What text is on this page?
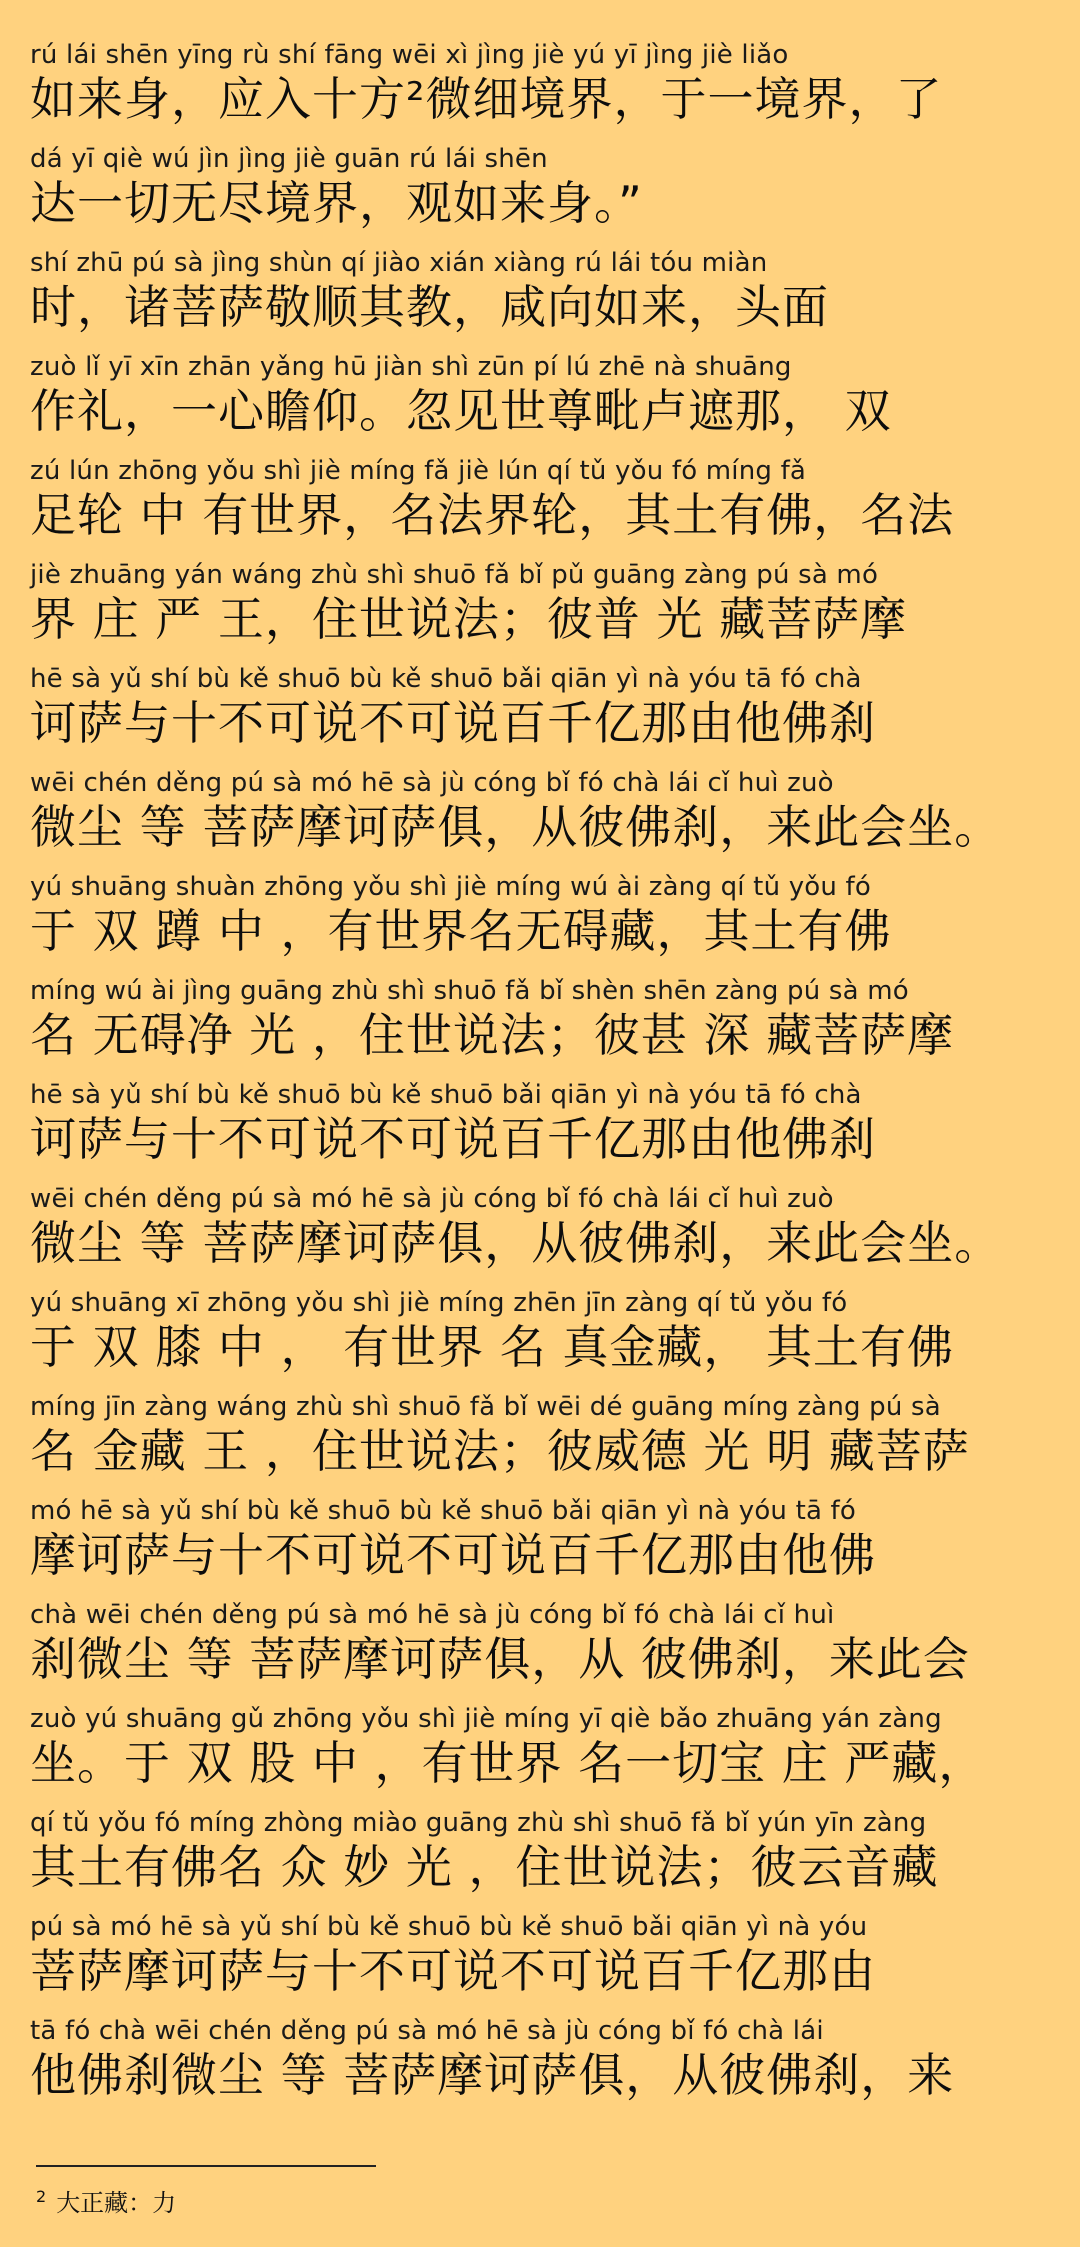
rú lái shēn yīng rù shí fāng wēi xì jìng jiè yú yī jìng jiè liǎo
如来身，应入十方²微细境界，于一境界，了
dá yī qiè wú jìn jìng jiè guān rú lái shēn
达一切无尽境界，观如来身。”
shí zhū pú sà jìng shùn qí jiào xián xiàng rú lái tóu miàn
时，诸菩萨敬顺其教，咸向如来，头面
zuò lǐ yī xīn zhān yǎng hū jiàn shì zūn pí lú zhē nà shuāng
作礼，一心瞻仰。忽见世尊毗卢遮那， 双
zú lún zhōng yǒu shì jiè míng fǎ jiè lún qí tǔ yǒu fó míng fǎ
足轮 中 有世界，名法界轮，其土有佛，名法
jiè zhuāng yán wáng zhù shì shuō fǎ bǐ pǔ guāng zàng pú sà mó
界 庄 严 王，住世说法；彼普 光 藏菩萨摩
hē sà yǔ shí bù kě shuō bù kě shuō bǎi qiān yì nà yóu tā fó chà
诃萨与十不可说不可说百千亿那由他佛刹
wēi chén děng pú sà mó hē sà jù cóng bǐ fó chà lái cǐ huì zuò
微尘 等 菩萨摩诃萨俱，从彼佛刹，来此会坐。
yú shuāng shuàn zhōng yǒu shì jiè míng wú ài zàng qí tǔ yǒu fó
于 双 蹲 中 ，有世界名无碍藏，其土有佛
míng wú ài jìng guāng zhù shì shuō fǎ bǐ shèn shēn zàng pú sà mó
名 无碍净 光 ，住世说法；彼甚 深 藏菩萨摩
hē sà yǔ shí bù kě shuō bù kě shuō bǎi qiān yì nà yóu tā fó chà
诃萨与十不可说不可说百千亿那由他佛刹
wēi chén děng pú sà mó hē sà jù cóng bǐ fó chà lái cǐ huì zuò
微尘 等 菩萨摩诃萨俱，从彼佛刹，来此会坐。
yú shuāng xī zhōng yǒu shì jiè míng zhēn jīn zàng qí tǔ yǒu fó
于 双 膝 中 ， 有世界 名 真金藏， 其土有佛
míng jīn zàng wáng zhù shì shuō fǎ bǐ wēi dé guāng míng zàng pú sà
名 金藏 王 ，住世说法；彼威德 光 明 藏菩萨
mó hē sà yǔ shí bù kě shuō bù kě shuō bǎi qiān yì nà yóu tā fó
摩诃萨与十不可说不可说百千亿那由他佛
chà wēi chén děng pú sà mó hē sà jù cóng bǐ fó chà lái cǐ huì
刹微尘 等 菩萨摩诃萨俱，从 彼佛刹，来此会
zuò yú shuāng gǔ zhōng yǒu shì jiè míng yī qiè bǎo zhuāng yán zàng
坐。于 双 股 中 ，有世界 名一切宝 庄 严藏，
qí tǔ yǒu fó míng zhòng miào guāng zhù shì shuō fǎ bǐ yún yīn zàng
其土有佛名 众 妙 光 ，住世说法；彼云音藏
pú sà mó hē sà yǔ shí bù kě shuō bù kě shuō bǎi qiān yì nà yóu
菩萨摩诃萨与十不可说不可说百千亿那由
tā fó chà wēi chén děng pú sà mó hē sà jù cóng bǐ fó chà lái
他佛刹微尘 等 菩萨摩诃萨俱，从彼佛刹，来
$^2$ 大正藏：力
